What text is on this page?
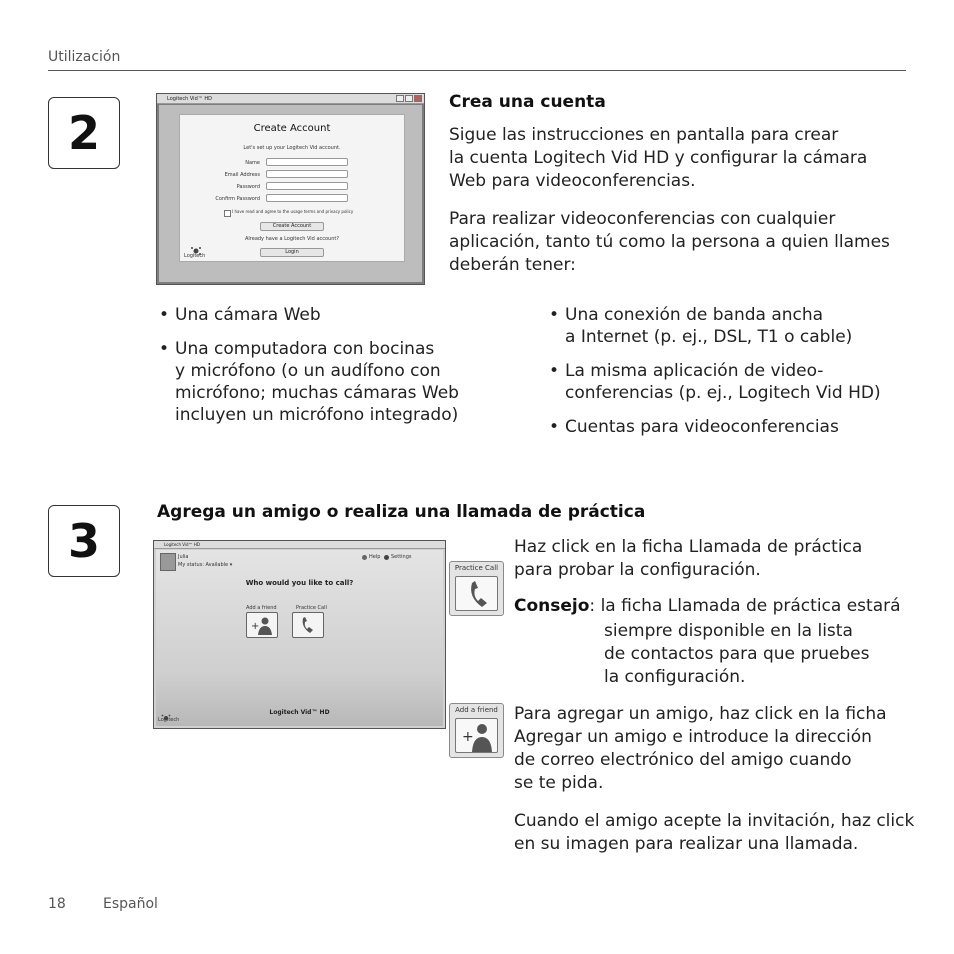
Utilización
2
Logitech Vid™ HD
Create Account
Let's set up your Logitech Vid account.
Name
Email Address
Password
Confirm Password
I have read and agree to the usage terms and privacy policy
Create Account
Already have a Logitech Vid account?
Login
Logitech
Crea una cuenta
Sigue las instrucciones en pantalla para crear
la cuenta Logitech Vid HD y configurar la cámara
Web para videoconferencias.
Para realizar videoconferencias con cualquier
aplicación, tanto tú como la persona a quien llames
deberán tener:
• Una cámara Web
• Una computadora con bocinas
y micrófono (o un audífono con
micrófono; muchas cámaras Web
incluyen un micrófono integrado)
• Una conexión de banda ancha
a Internet (p. ej., DSL, T1 o cable)
• La misma aplicación de video-
conferencias (p. ej., Logitech Vid HD)
• Cuentas para videoconferencias
3
Agrega un amigo o realiza una llamada de práctica
Logitech Vid™ HD
Julia
My status: Available ▾
Help Settings
Who would you like to call?
Add a friend
+
Practice Call
Logitech Vid™ HD
Logitech
Practice Call
Haz click en la ficha Llamada de práctica
para probar la configuración.
Consejo: la ficha Llamada de práctica estará
siempre disponible en la lista
de contactos para que pruebes
la configuración.
Add a friend
+
Para agregar un amigo, haz click en la ficha
Agregar un amigo e introduce la dirección
de correo electrónico del amigo cuando
se te pida.
Cuando el amigo acepte la invitación, haz click
en su imagen para realizar una llamada.
18	Español
